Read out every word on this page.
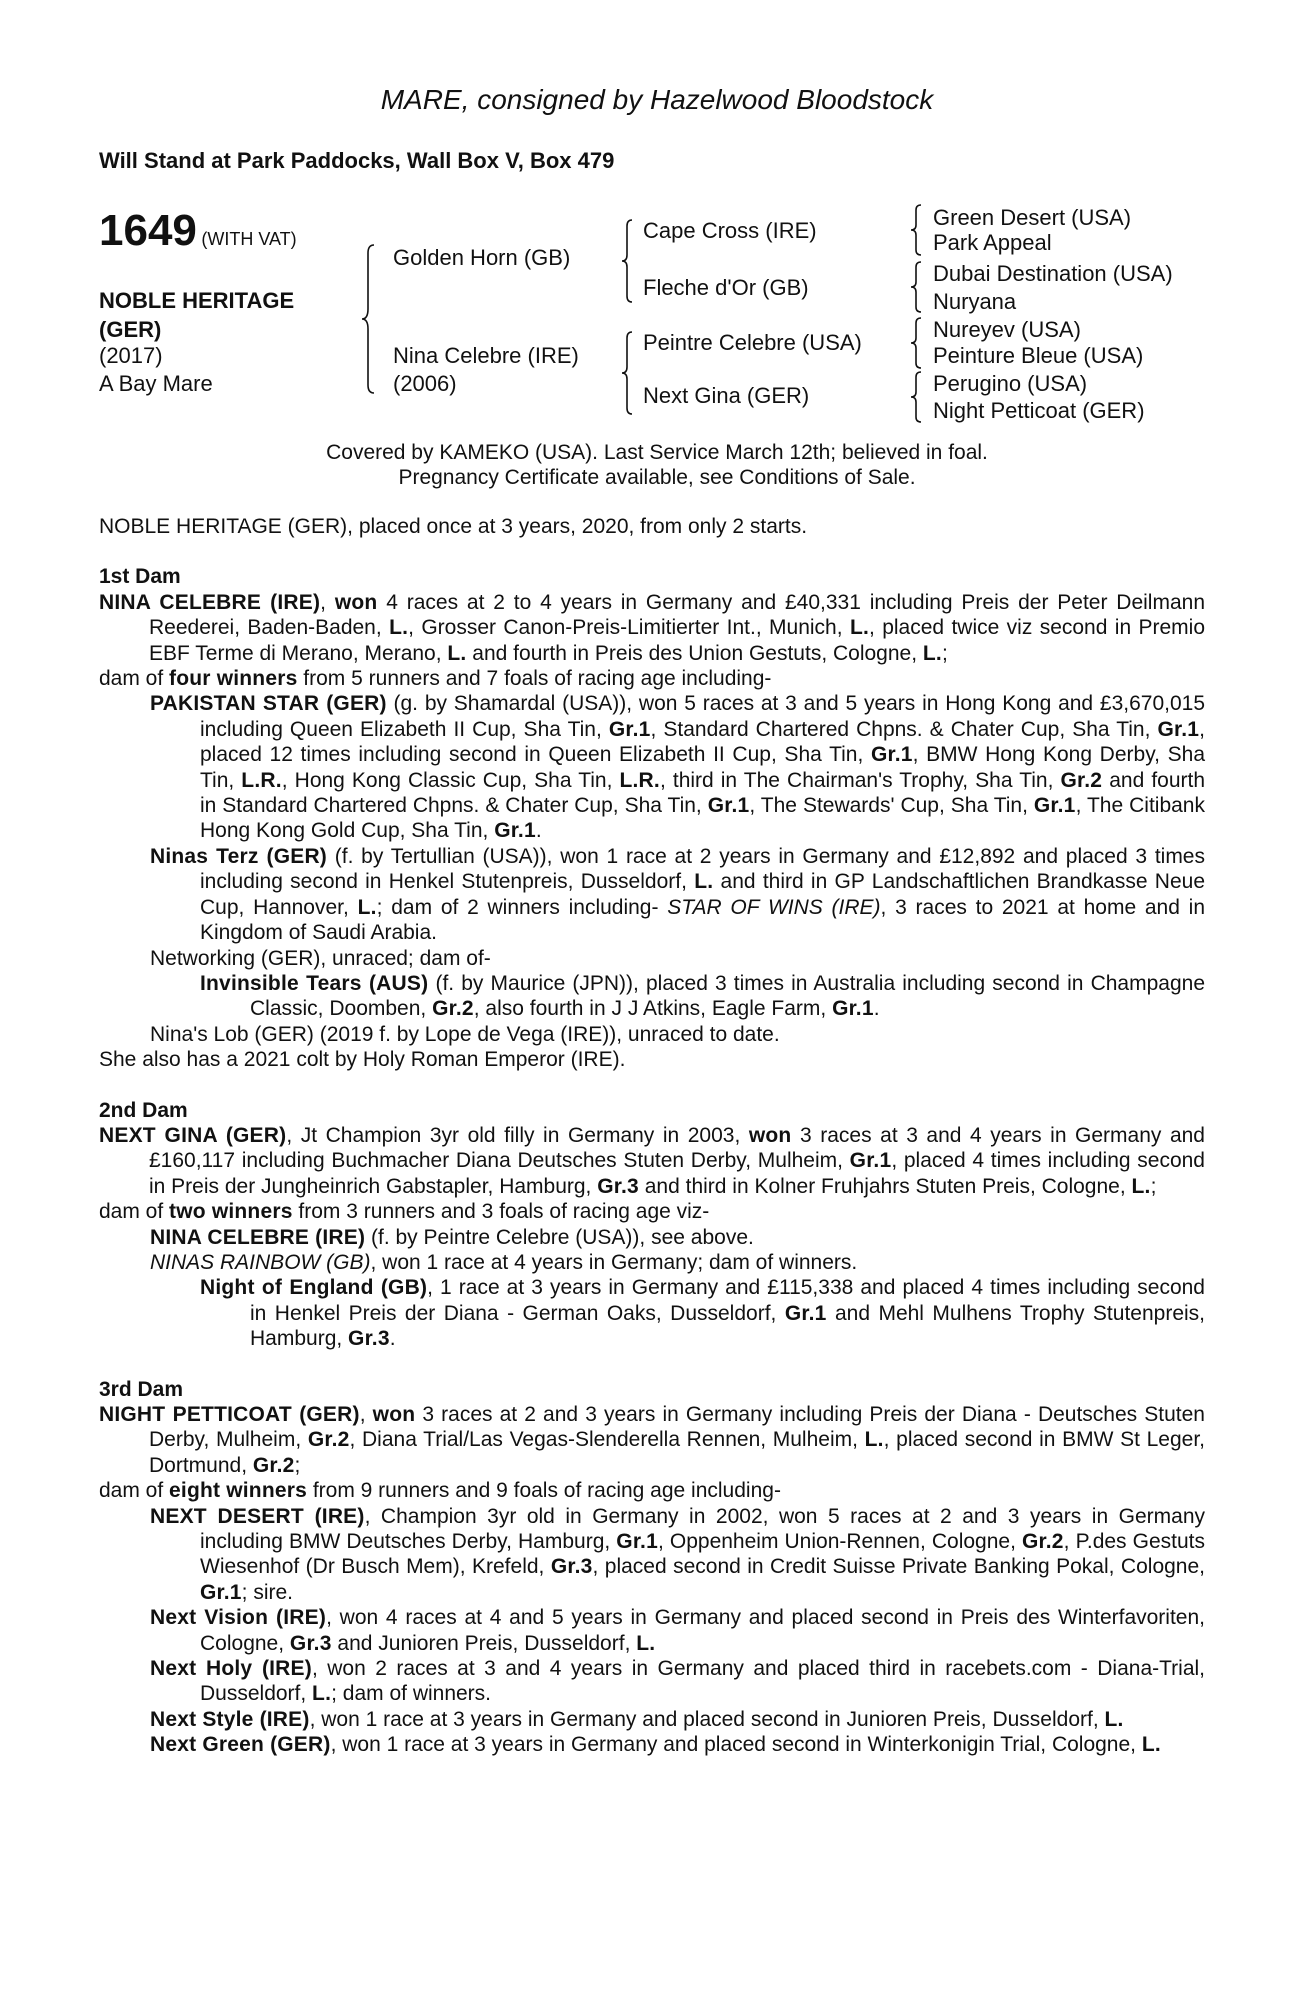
MARE, consigned by Hazelwood Bloodstock
Will Stand at Park Paddocks, Wall Box V, Box 479
1649 (WITH VAT)
NOBLE HERITAGE
(GER)
(2017)
A Bay Mare
Golden Horn (GB)
Nina Celebre (IRE)
(2006)
Cape Cross (IRE)
Fleche d'Or (GB)
Peintre Celebre (USA)
Next Gina (GER)
Green Desert (USA)
Park Appeal
Dubai Destination (USA)
Nuryana
Nureyev (USA)
Peinture Bleue (USA)
Perugino (USA)
Night Petticoat (GER)
Covered by KAMEKO (USA). Last Service March 12th; believed in foal.
Pregnancy Certificate available, see Conditions of Sale.
NOBLE HERITAGE (GER), placed once at 3 years, 2020, from only 2 starts.
1st Dam
NINA CELEBRE (IRE), won 4 races at 2 to 4 years in Germany and £40,331 including Preis der Peter Deilmann Reederei, Baden-Baden, L., Grosser Canon-Preis-Limitierter Int., Munich, L., placed twice viz second in Premio EBF Terme di Merano, Merano, L. and fourth in Preis des Union Gestuts, Cologne, L.;
dam of four winners from 5 runners and 7 foals of racing age including-
PAKISTAN STAR (GER) (g. by Shamardal (USA)), won 5 races at 3 and 5 years in Hong Kong and £3,670,015 including Queen Elizabeth II Cup, Sha Tin, Gr.1, Standard Chartered Chpns. & Chater Cup, Sha Tin, Gr.1, placed 12 times including second in Queen Elizabeth II Cup, Sha Tin, Gr.1, BMW Hong Kong Derby, Sha Tin, L.R., Hong Kong Classic Cup, Sha Tin, L.R., third in The Chairman's Trophy, Sha Tin, Gr.2 and fourth in Standard Chartered Chpns. & Chater Cup, Sha Tin, Gr.1, The Stewards' Cup, Sha Tin, Gr.1, The Citibank Hong Kong Gold Cup, Sha Tin, Gr.1.
Ninas Terz (GER) (f. by Tertullian (USA)), won 1 race at 2 years in Germany and £12,892 and placed 3 times including second in Henkel Stutenpreis, Dusseldorf, L. and third in GP Landschaftlichen Brandkasse Neue Cup, Hannover, L.; dam of 2 winners including- STAR OF WINS (IRE), 3 races to 2021 at home and in Kingdom of Saudi Arabia.
Networking (GER), unraced; dam of-
Invinsible Tears (AUS) (f. by Maurice (JPN)), placed 3 times in Australia including second in Champagne Classic, Doomben, Gr.2, also fourth in J J Atkins, Eagle Farm, Gr.1.
Nina's Lob (GER) (2019 f. by Lope de Vega (IRE)), unraced to date.
She also has a 2021 colt by Holy Roman Emperor (IRE).
2nd Dam
NEXT GINA (GER), Jt Champion 3yr old filly in Germany in 2003, won 3 races at 3 and 4 years in Germany and £160,117 including Buchmacher Diana Deutsches Stuten Derby, Mulheim, Gr.1, placed 4 times including second in Preis der Jungheinrich Gabstapler, Hamburg, Gr.3 and third in Kolner Fruhjahrs Stuten Preis, Cologne, L.;
dam of two winners from 3 runners and 3 foals of racing age viz-
NINA CELEBRE (IRE) (f. by Peintre Celebre (USA)), see above.
NINAS RAINBOW (GB), won 1 race at 4 years in Germany; dam of winners.
Night of England (GB), 1 race at 3 years in Germany and £115,338 and placed 4 times including second in Henkel Preis der Diana - German Oaks, Dusseldorf, Gr.1 and Mehl Mulhens Trophy Stutenpreis, Hamburg, Gr.3.
3rd Dam
NIGHT PETTICOAT (GER), won 3 races at 2 and 3 years in Germany including Preis der Diana - Deutsches Stuten Derby, Mulheim, Gr.2, Diana Trial/Las Vegas-Slenderella Rennen, Mulheim, L., placed second in BMW St Leger, Dortmund, Gr.2;
dam of eight winners from 9 runners and 9 foals of racing age including-
NEXT DESERT (IRE), Champion 3yr old in Germany in 2002, won 5 races at 2 and 3 years in Germany including BMW Deutsches Derby, Hamburg, Gr.1, Oppenheim Union-Rennen, Cologne, Gr.2, P.des Gestuts Wiesenhof (Dr Busch Mem), Krefeld, Gr.3, placed second in Credit Suisse Private Banking Pokal, Cologne, Gr.1; sire.
Next Vision (IRE), won 4 races at 4 and 5 years in Germany and placed second in Preis des Winterfavoriten, Cologne, Gr.3 and Junioren Preis, Dusseldorf, L.
Next Holy (IRE), won 2 races at 3 and 4 years in Germany and placed third in racebets.com - Diana-Trial, Dusseldorf, L.; dam of winners.
Next Style (IRE), won 1 race at 3 years in Germany and placed second in Junioren Preis, Dusseldorf, L.
Next Green (GER), won 1 race at 3 years in Germany and placed second in Winterkonigin Trial, Cologne, L.
